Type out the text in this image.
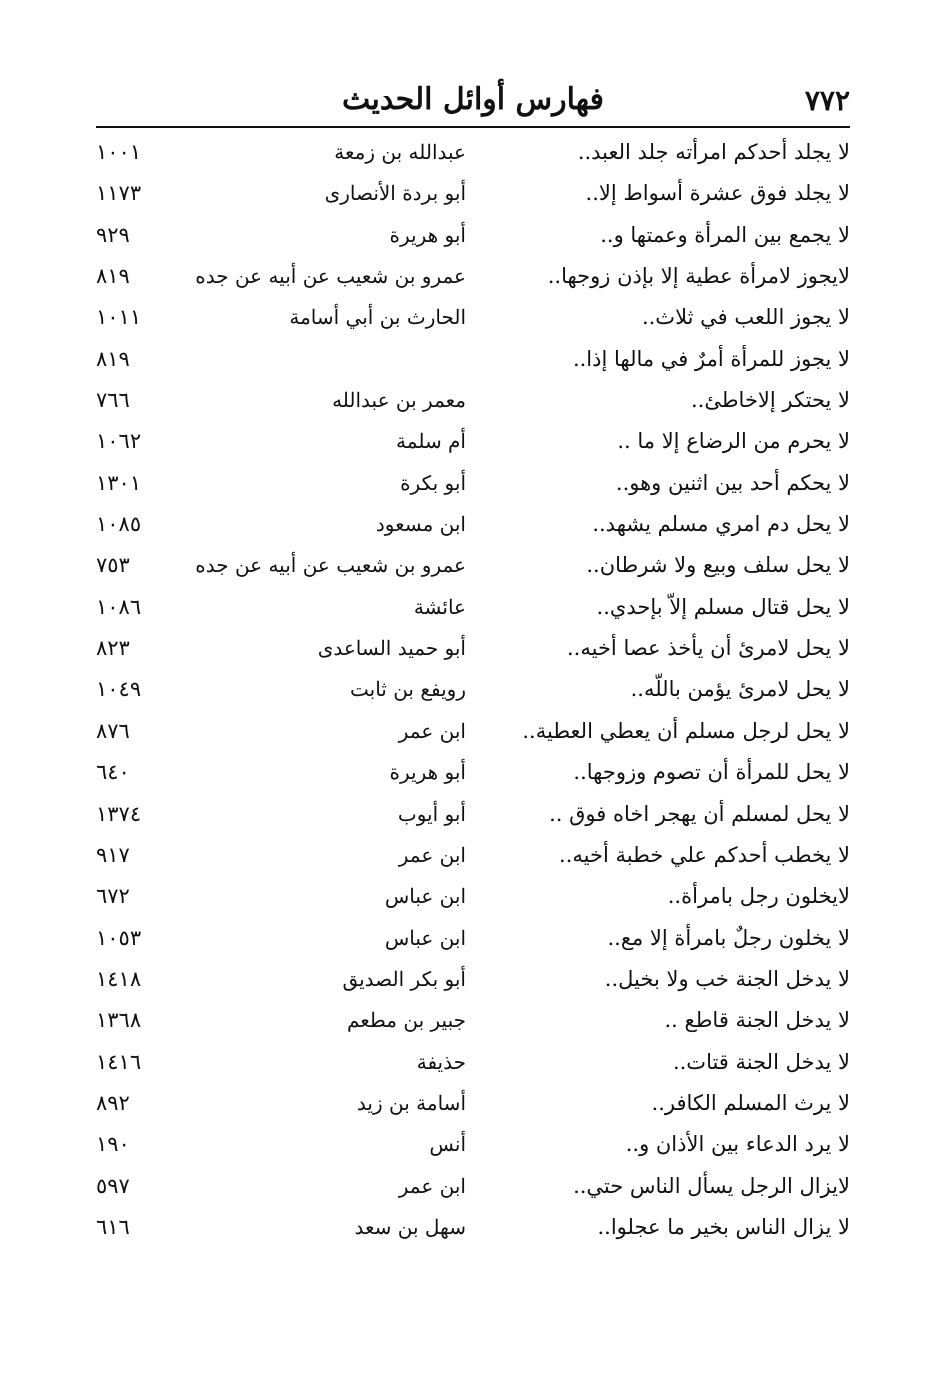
٧٧٢
فهارس أوائل الحديث
لا يجلد أحدكم امرأته جلد العبد..
عبدالله بن زمعة
١٠٠١
لا يجلد فوق عشرة أسواط إلا..
أبو بردة الأنصارى
١١٧٣
لا يجمع بين المرأة وعمتها و..
أبو هريرة
٩٢٩
لايجوز لامرأة عطية إلا بإذن زوجها..
عمرو بن شعيب عن أبيه عن جده
٨١٩
لا يجوز اللعب في ثلاث..
الحارث بن أبي أسامة
١٠١١
لا يجوز للمرأة أمرٌ في مالها إذا..
٨١٩
لا يحتكر إلاخاطئ..
معمر بن عبدالله
٧٦٦
لا يحرم من الرضاع إلا ما ..
أم سلمة
١٠٦٢
لا يحكم أحد بين اثنين وهو..
أبو بكرة
١٣٠١
لا يحل دم امري مسلم يشهد..
ابن مسعود
١٠٨٥
لا يحل سلف وبيع ولا شرطان..
عمرو بن شعيب عن أبيه عن جده
٧٥٣
لا يحل قتال مسلم إلاّ بإحدي..
عائشة
١٠٨٦
لا يحل لامرئ أن يأخذ عصا أخيه..
أبو حميد الساعدى
٨٢٣
لا يحل لامرئ يؤمن باللّه..
رويفع بن ثابت
١٠٤٩
لا يحل لرجل مسلم أن يعطي العطية..
ابن عمر
٨٧٦
لا يحل للمرأة أن تصوم وزوجها..
أبو هريرة
٦٤٠
لا يحل لمسلم أن يهجر اخاه فوق ..
أبو أيوب
١٣٧٤
لا يخطب أحدكم علي خطبة أخيه..
ابن عمر
٩١٧
لايخلون رجل بامرأة..
ابن عباس
٦٧٢
لا يخلون رجلٌ بامرأة إلا مع..
ابن عباس
١٠٥٣
لا يدخل الجنة خب ولا بخيل..
أبو بكر الصديق
١٤١٨
لا يدخل الجنة قاطع ..
جبير بن مطعم
١٣٦٨
لا يدخل الجنة قتات..
حذيفة
١٤١٦
لا يرث المسلم الكافر..
أسامة بن زيد
٨٩٢
لا يرد الدعاء بين الأذان و..
أنس
١٩٠
لايزال الرجل يسأل الناس حتي..
ابن عمر
٥٩٧
لا يزال الناس بخير ما عجلوا..
سهل بن سعد
٦١٦
